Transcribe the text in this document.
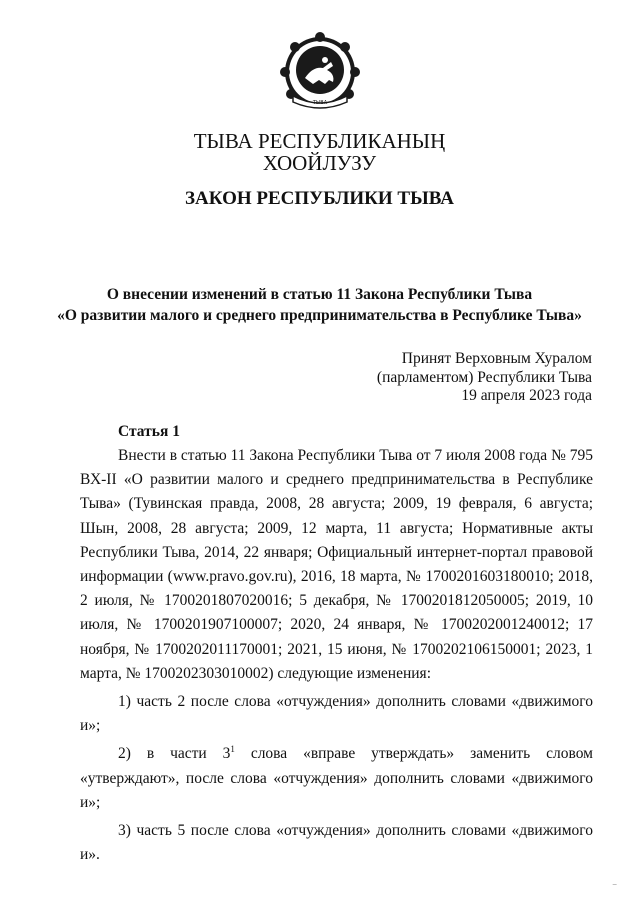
ТЫВА
ТЫВА РЕСПУБЛИКАНЫҢ
ХООЙЛУЗУ
ЗАКОН РЕСПУБЛИКИ ТЫВА
О внесении изменений в статью 11 Закона Республики Тыва
«О развитии малого и среднего предпринимательства в Республике Тыва»
Принят Верховным Хуралом
(парламентом) Республики Тыва
19 апреля 2023 года
Статья 1

Внести в статью 11 Закона Республики Тыва от 7 июля 2008 года № 795 ВХ-II «О развитии малого и среднего предпринимательства в Республике Тыва» (Тувинская правда, 2008, 28 августа; 2009, 19 февраля, 6 августа; Шын, 2008, 28 августа; 2009, 12 марта, 11 августа; Нормативные акты Республики Тыва, 2014, 22 января; Официальный интернет-портал правовой информации (www.pravo.gov.ru), 2016, 18 марта, № 1700201603180010; 2018, 2 июля, № 1700201807020016; 5 декабря, № 1700201812050005; 2019, 10 июля, № 1700201907100007; 2020, 24 января, № 1700202001240012; 17 ноября, № 1700202011170001; 2021, 15 июня, № 1700202106150001; 2023, 1 марта, № 1700202303010002) следующие изменения:

1) часть 2 после слова «отчуждения» дополнить словами «движимого и»;

2) в части $3^1$ слова «вправе утверждать» заменить словом «утверждают», после слова «отчуждения» дополнить словами «движимого и»;

3) часть 5 после слова «отчуждения» дополнить словами «движимого и».

⁻
